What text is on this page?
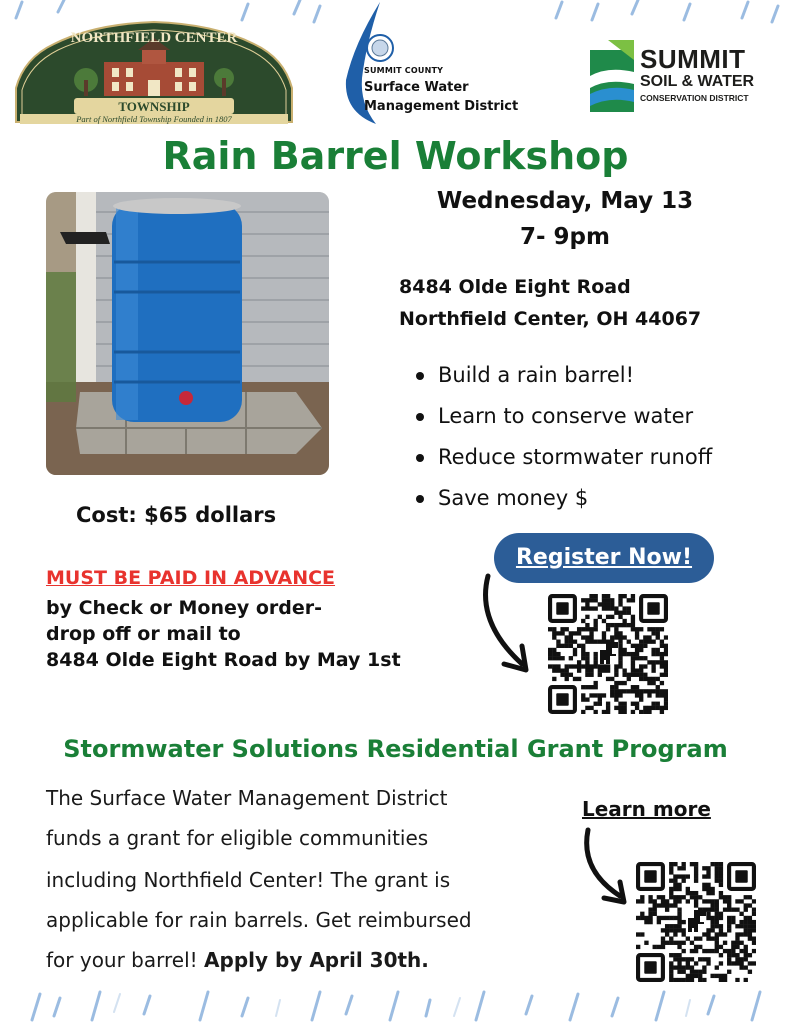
NORTHFIELD CENTER
TOWNSHIP
Part of Northfield Township Founded in 1807
SUMMIT COUNTY
Surface Water
Management District
SUMMIT
SOIL & WATER
CONSERVATION DISTRICT
Rain Barrel Workshop
Wednesday, May 13
7- 9pm
8484 Olde Eight Road
Northfield Center, OH 44067
Build a rain barrel!
Learn to conserve water
Reduce stormwater runoff
Save money $
Cost: $65 dollars
Register Now!
MUST BE PAID IN ADVANCE
by Check or Money order-
drop off or mail to
8484 Olde Eight Road by May 1st
Stormwater Solutions Residential Grant Program
The Surface Water Management District
funds a grant for eligible communities
including Northfield Center! The grant is
applicable for rain barrels. Get reimbursed
for your barrel! Apply by April 30th.
Learn more
